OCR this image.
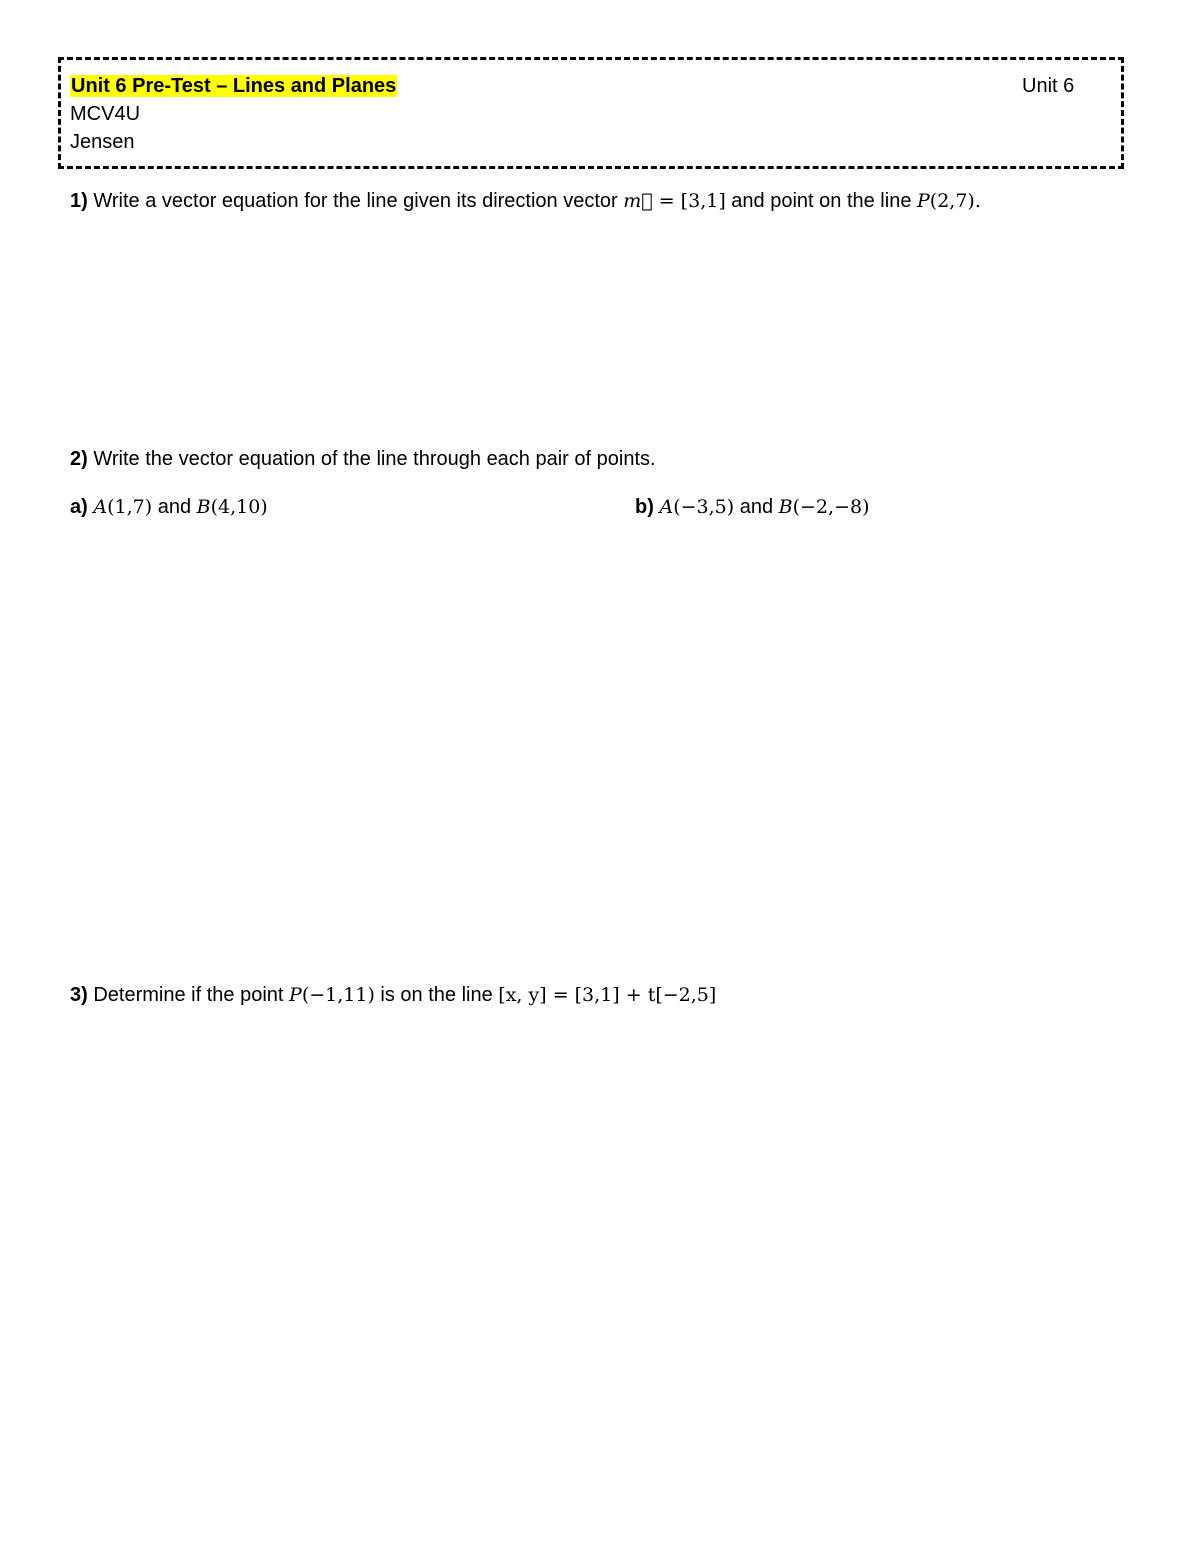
Unit 6 Pre-Test – Lines and Planes	Unit 6
MCV4U
Jensen
1) Write a vector equation for the line given its direction vector m⃗ = [3,1] and point on the line P(2,7).
2) Write the vector equation of the line through each pair of points.
a) A(1,7) and B(4,10)	b) A(−3,5) and B(−2,−8)
3) Determine if the point P(−1,11) is on the line [x, y] = [3,1] + t[−2,5]
